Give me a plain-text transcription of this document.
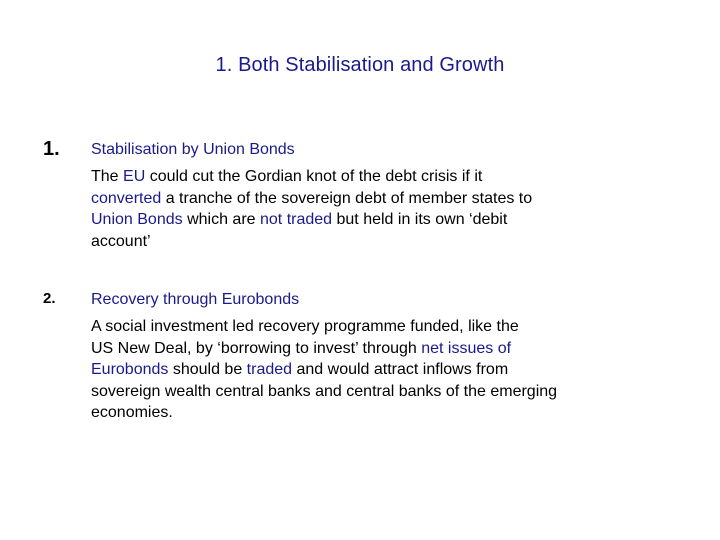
1. Both Stabilisation and Growth
1. Stabilisation by Union Bonds
The EU could cut the Gordian knot of the debt crisis if it
converted a tranche of the sovereign debt of member states to
Union Bonds which are not traded but held in its own ‘debit
account’
2. Recovery through Eurobonds
A social investment led recovery programme funded, like the
US New Deal, by ‘borrowing to invest’ through net issues of
Eurobonds should be traded and would attract inflows from
sovereign wealth central banks and central banks of the emerging
economies.
